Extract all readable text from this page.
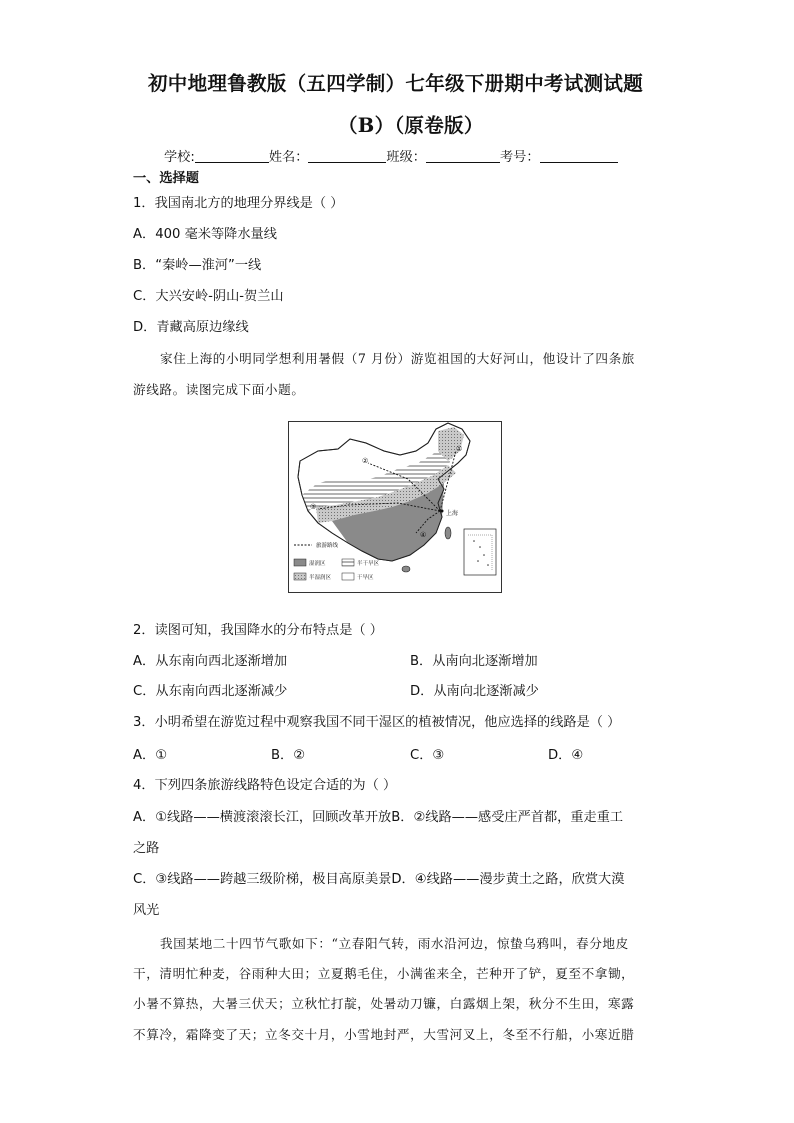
初中地理鲁教版（五四学制）七年级下册期中考试测试题
（B）（原卷版）
学校:	姓名：	班级：	考号：
一、选择题
1．我国南北方的地理分界线是（ ）
A．400 毫米等降水量线
B．“秦岭—淮河”一线
C．大兴安岭-阴山-贺兰山
D．青藏高原边缘线
家住上海的小明同学想利用暑假（7 月份）游览祖国的大好河山，他设计了四条旅
游线路。读图完成下面小题。
①
②
③
④
上海
旅游路线
湿润区	半干旱区
半湿润区	干旱区
2．读图可知，我国降水的分布特点是（ ）
A．从东南向西北逐渐增加	B．从南向北逐渐增加
C．从东南向西北逐渐减少	D．从南向北逐渐减少
3．小明希望在游览过程中观察我国不同干湿区的植被情况，他应选择的线路是（ ）
A．①	B．②	C．③	D．④
4．下列四条旅游线路特色设定合适的为（ ）
A．①线路——横渡滚滚长江，回顾改革开放B．②线路——感受庄严首都，重走重工
之路
C．③线路——跨越三级阶梯，极目高原美景D．④线路——漫步黄土之路，欣赏大漠
风光
我国某地二十四节气歌如下：“立春阳气转，雨水沿河边，惊蛰乌鸦叫，春分地皮
干，清明忙种麦，谷雨种大田；立夏鹅毛住，小满雀来全，芒种开了铲，夏至不拿锄，
小暑不算热，大暑三伏天；立秋忙打靛，处暑动刀镰，白露烟上架，秋分不生田，寒露
不算冷，霜降变了天；立冬交十月，小雪地封严，大雪河叉上，冬至不行船，小寒近腊
